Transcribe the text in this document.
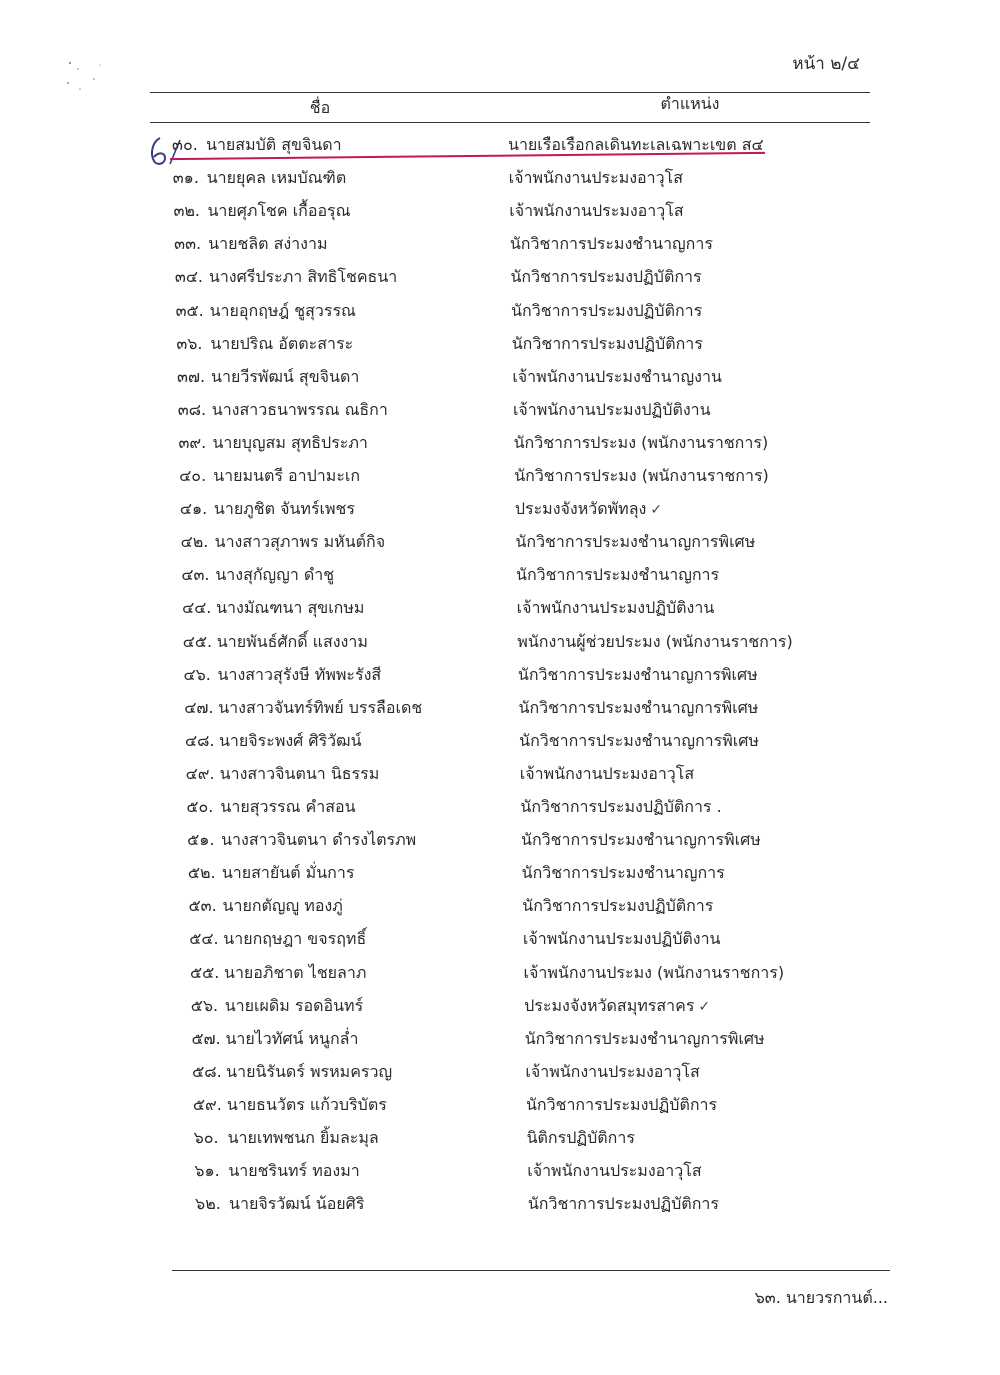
หน้า ๒/๔
ชื่อ	ตำแหน่ง
๓๐. นายสมบัติ สุขจินดา	นายเรือเรือกลเดินทะเลเฉพาะเขต ส๔
๓๑. นายยุคล เหมบัณฑิต	เจ้าพนักงานประมงอาวุโส
๓๒. นายศุภโชค เกื้ออรุณ	เจ้าพนักงานประมงอาวุโส
๓๓. นายชลิต สง่างาม	นักวิชาการประมงชำนาญการ
๓๔. นางศรีประภา สิทธิโชคธนา	นักวิชาการประมงปฏิบัติการ
๓๕. นายอุกฤษฎ์ ชูสุวรรณ	นักวิชาการประมงปฏิบัติการ
๓๖. นายปริณ อัตตะสาระ	นักวิชาการประมงปฏิบัติการ
๓๗. นายวีรพัฒน์ สุขจินดา	เจ้าพนักงานประมงชำนาญงาน
๓๘. นางสาวธนาพรรณ ณธิกา	เจ้าพนักงานประมงปฏิบัติงาน
๓๙. นายบุญสม สุทธิประภา	นักวิชาการประมง (พนักงานราชการ)
๔๐. นายมนตรี อาปามะเก	นักวิชาการประมง (พนักงานราชการ)
๔๑. นายภูชิต จันทร์เพชร	ประมงจังหวัดพัทลุง ✓
๔๒. นางสาวสุภาพร มหันต์กิจ	นักวิชาการประมงชำนาญการพิเศษ
๔๓. นางสุกัญญา ดำชู	นักวิชาการประมงชำนาญการ
๔๔. นางมัณฑนา สุขเกษม	เจ้าพนักงานประมงปฏิบัติงาน
๔๕. นายพันธ์ศักดิ์ แสงงาม	พนักงานผู้ช่วยประมง (พนักงานราชการ)
๔๖. นางสาวสุรังษี ทัพพะรังสี	นักวิชาการประมงชำนาญการพิเศษ
๔๗. นางสาวจันทร์ทิพย์ บรรลือเดช	นักวิชาการประมงชำนาญการพิเศษ
๔๘. นายจิระพงศ์ ศิริวัฒน์	นักวิชาการประมงชำนาญการพิเศษ
๔๙. นางสาวจินตนา นิธรรม	เจ้าพนักงานประมงอาวุโส
๕๐. นายสุวรรณ คำสอน	นักวิชาการประมงปฏิบัติการ .
๕๑. นางสาวจินตนา ดำรงไตรภพ	นักวิชาการประมงชำนาญการพิเศษ
๕๒. นายสายันต์ มั่นการ	นักวิชาการประมงชำนาญการ
๕๓. นายกตัญญู ทองภู่	นักวิชาการประมงปฏิบัติการ
๕๔. นายกฤษฎา ขจรฤทธิ์	เจ้าพนักงานประมงปฏิบัติงาน
๕๕. นายอภิชาต ไชยลาภ	เจ้าพนักงานประมง (พนักงานราชการ)
๕๖. นายเผดิม รอดอินทร์	ประมงจังหวัดสมุทรสาคร ✓
๕๗. นายไวทัศน์ หนูกล่ำ	นักวิชาการประมงชำนาญการพิเศษ
๕๘. นายนิรันดร์ พรหมครวญ	เจ้าพนักงานประมงอาวุโส
๕๙. นายธนวัตร แก้วบริบัตร	นักวิชาการประมงปฏิบัติการ
๖๐. นายเทพชนก ยิ้มละมุล	นิติกรปฏิบัติการ
๖๑. นายชรินทร์ ทองมา	เจ้าพนักงานประมงอาวุโส
๖๒. นายจิรวัฒน์ น้อยศิริ	นักวิชาการประมงปฏิบัติการ
๖๓. นายวรกานต์...
